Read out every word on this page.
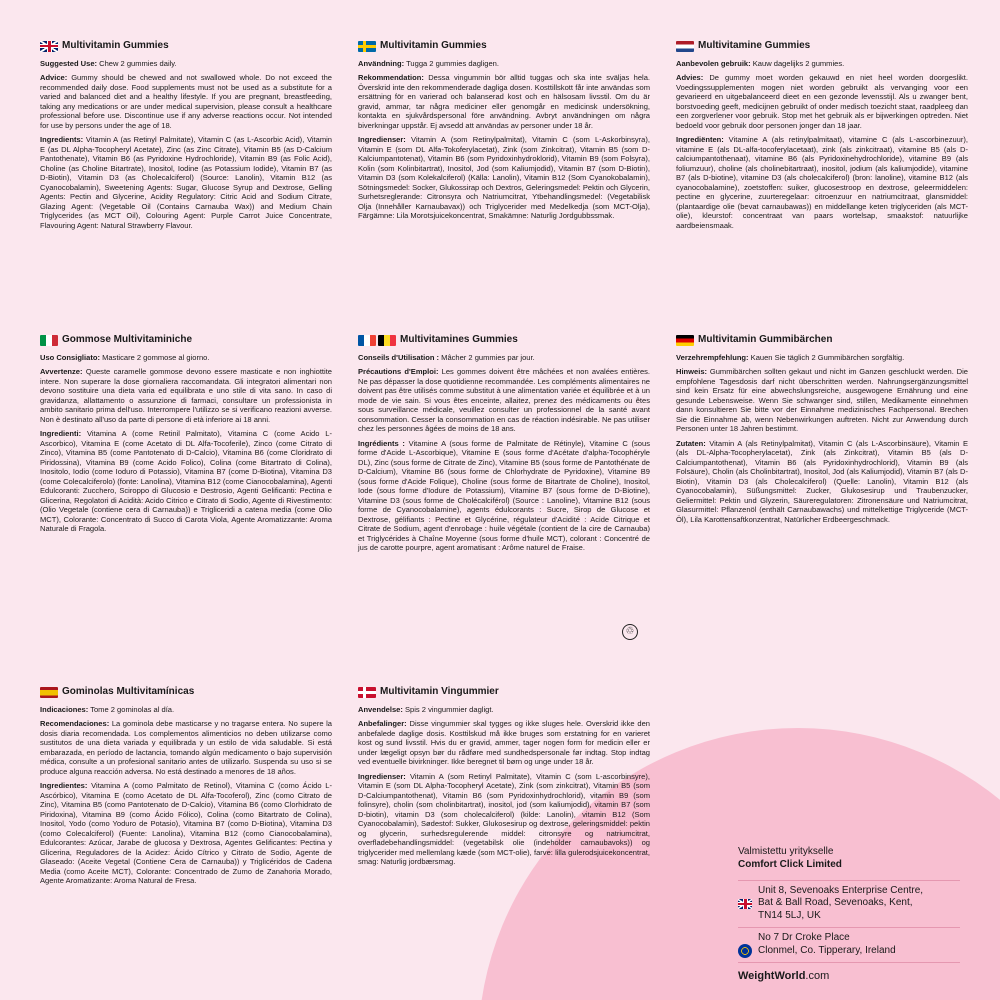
Multivitamin Gummies

Suggested Use: Chew 2 gummies daily.

Advice: Gummy should be chewed and not swallowed whole. Do not exceed the recommended daily dose. Food supplements must not be used as a substitute for a varied and balanced diet and a healthy lifestyle. If you are pregnant, breastfeeding, taking any medications or are under medical supervision, please consult a healthcare professional before use. Discontinue use if any adverse reactions occur. Not intended for use by persons under the age of 18.

Ingredients: Vitamin A (as Retinyl Palmitate), Vitamin C (as L-Ascorbic Acid), Vitamin E (as DL Alpha-Tocopheryl Acetate), Zinc (as Zinc Citrate), Vitamin B5 (as D-Calcium Pantothenate), Vitamin B6 (as Pyridoxine Hydrochloride), Vitamin B9 (as Folic Acid), Choline (as Choline Bitartrate), Inositol, Iodine (as Potassium Iodide), Vitamin B7 (as D-Biotin), Vitamin D3 (as Cholecalciferol) (Source: Lanolin), Vitamin B12 (as Cyanocobalamin), Sweetening Agents: Sugar, Glucose Syrup and Dextrose, Gelling Agents: Pectin and Glycerine, Acidity Regulatory: Citric Acid and Sodium Citrate, Glazing Agent: (Vegetable Oil (Contains Carnauba Wax)) and Medium Chain Triglycerides (as MCT Oil), Colouring Agent: Purple Carrot Juice Concentrate, Flavouring Agent: Natural Strawberry Flavour.

Multivitamin Gummies

Användning: Tugga 2 gummies dagligen.

Rekommendation: Dessa vingummin bör alltid tuggas och ska inte sväljas hela. Överskrid inte den rekommenderade dagliga dosen. Kosttillskott får inte användas som ersättning för en varierad och balanserad kost och en hälsosam livsstil. Om du är gravid, ammar, tar några mediciner eller genomgår en medicinsk undersökning, kontakta en sjukvårdspersonal före användning. Avbryt användningen om några biverkningar uppstår. Ej avsedd att användas av personer under 18 år.

Ingredienser: Vitamin A (som Retinylpalmitat), Vitamin C (som L-Askorbinsyra), Vitamin E (som DL Alfa-Tokoferylacetat), Zink (som Zinkcitrat), Vitamin B5 (som D-Kalciumpantotenat), Vitamin B6 (som Pyridoxinhydroklorid), Vitamin B9 (som Folsyra), Kolin (som Kolinbitartrat), Inositol, Jod (som Kaliumjodid), Vitamin B7 (som D-Biotin), Vitamin D3 (som Kolekalciferol) (Källa: Lanolin), Vitamin B12 (Som Cyanokobalamin), Sötningsmedel: Socker, Glukossirap och Dextros, Geleringsmedel: Pektin och Glycerin, Surhetsreglerande: Citronsyra och Natriumcitrat, Ytbehandlingsmedel: (Vegetabilisk Olja (Innehåller Karnaubavax)) och Triglycerider med Medelkedja (som MCT-Olja), Färgämne: Lila Morotsjuicekoncentrat, Smakämne: Naturlig Jordgubbssmak.

Multivitamine Gummies

Aanbevolen gebruik: Kauw dagelijks 2 gummies.

Advies: De gummy moet worden gekauwd en niet heel worden doorgeslikt. Voedingssupplementen mogen niet worden gebruikt als vervanging voor een gevarieerd en uitgebalanceerd dieet en een gezonde levensstijl. Als u zwanger bent, borstvoeding geeft, medicijnen gebruikt of onder medisch toezicht staat, raadpleeg dan een zorgverlener voor gebruik. Stop met het gebruik als er bijwerkingen optreden. Niet bedoeld voor gebruik door personen jonger dan 18 jaar.

Ingrediënten: Vitamine A (als retinylpalmitaat), vitamine C (als L-ascorbinezuur), vitamine E (als DL-alfa-tocoferylacetaat), zink (als zinkcitraat), vitamine B5 (als D-calciumpantothenaat), vitamine B6 (als Pyridoxinehydrochloride), vitamine B9 (als foliumzuur), choline (als cholinebitartraat), inositol, jodium (als kaliumjodide), vitamine B7 (als D-biotine), vitamine D3 (als cholecalciferol) (bron: lanoline), vitamine B12 (als cyanocobalamine), zoetstoffen: suiker, glucosestroop en dextrose, geleermiddelen: pectine en glycerine, zuurteregelaar: citroenzuur en natriumcitraat, glansmiddel: (plantaardige olie (bevat carnaubawas)) en middellange keten triglyceriden (als MCT-olie), kleurstof: concentraat van paars wortelsap, smaakstof: natuurlijke aardbeiensmaak.

Gommose Multivitaminiche

Uso Consigliato: Masticare 2 gommose al giorno.

Avvertenze: Queste caramelle gommose devono essere masticate e non inghiottite intere. Non superare la dose giornaliera raccomandata. Gli integratori alimentari non devono sostituire una dieta varia ed equilibrata e uno stile di vita sano. In caso di gravidanza, allattamento o assunzione di farmaci, consultare un professionista in ambito sanitario prima dell'uso. Interrompere l'utilizzo se si verificano reazioni avverse. Non è destinato all'uso da parte di persone di età inferiore ai 18 anni.

Ingredienti: Vitamina A (come Retinil Palmitato), Vitamina C (come Acido L-Ascorbico), Vitamina E (come Acetato di DL Alfa-Tocoferile), Zinco (come Citrato di Zinco), Vitamina B5 (come Pantotenato di D-Calcio), Vitamina B6 (come Cloridrato di Piridossina), Vitamina B9 (come Acido Folico), Colina (come Bitartrato di Colina), Inositolo, Iodio (come Ioduro di Potassio), Vitamina B7 (come D-Biotina), Vitamina D3 (come Colecalciferolo) (fonte: Lanolina), Vitamina B12 (come Cianocobalamina), Agenti Edulcoranti: Zucchero, Sciroppo di Glucosio e Destrosio, Agenti Gelificanti: Pectina e Glicerina, Regolatori di Acidità: Acido Citrico e Citrato di Sodio, Agente di Rivestimento: (Olio Vegetale (contiene cera di Carnauba)) e Trigliceridi a catena media (come Olio MCT), Colorante: Concentrato di Succo di Carota Viola, Agente Aromatizzante: Aroma Naturale di Fragola.

Multivitamines Gummies

Conseils d'Utilisation : Mâcher 2 gummies par jour.

Précautions d'Emploi: Les gommes doivent être mâchées et non avalées entières. Ne pas dépasser la dose quotidienne recommandée. Les compléments alimentaires ne doivent pas être utilisés comme substitut à une alimentation variée et équilibrée et à un mode de vie sain. Si vous êtes enceinte, allaitez, prenez des médicaments ou êtes sous surveillance médicale, veuillez consulter un professionnel de la santé avant consommation. Cesser la consommation en cas de réaction indésirable. Ne pas utiliser chez les personnes âgées de moins de 18 ans.

Ingrédients : Vitamine A (sous forme de Palmitate de Rétinyle), Vitamine C (sous forme d'Acide L-Ascorbique), Vitamine E (sous forme d'Acétate d'alpha-Tocophéryle DL), Zinc (sous forme de Citrate de Zinc), Vitamine B5 (sous forme de Pantothénate de D-Calcium), Vitamine B6 (sous forme de Chlorhydrate de Pyridoxine), Vitamine B9 (sous forme d'Acide Folique), Choline (sous forme de Bitartrate de Choline), Inositol, Iode (sous forme d'Iodure de Potassium), Vitamine B7 (sous forme de D-Biotine), Vitamine D3 (sous forme de Cholécalciférol) (Source : Lanoline), Vitamine B12 (sous forme de Cyanocobalamine), agents édulcorants : Sucre, Sirop de Glucose et Dextrose, gélifiants : Pectine et Glycérine, régulateur d'Acidité : Acide Citrique et Citrate de Sodium, agent d'enrobage : huile végétale (contient de la cire de Carnauba) et Triglycérides à Chaîne Moyenne (sous forme d'huile MCT), colorant : Concentré de jus de carotte pourpre, agent aromatisant : Arôme naturel de Fraise.

♲
Multivitamin Gummibärchen

Verzehrempfehlung: Kauen Sie täglich 2 Gummibärchen sorgfältig.

Hinweis: Gummibärchen sollten gekaut und nicht im Ganzen geschluckt werden. Die empfohlene Tagesdosis darf nicht überschritten werden. Nahrungsergänzungsmittel sind kein Ersatz für eine abwechslungsreiche, ausgewogene Ernährung und eine gesunde Lebensweise. Wenn Sie schwanger sind, stillen, Medikamente einnehmen dann konsultieren Sie bitte vor der Einnahme medizinisches Fachpersonal. Brechen Sie die Einnahme ab, wenn Nebenwirkungen auftreten. Nicht zur Anwendung durch Personen unter 18 Jahren bestimmt.

Zutaten: Vitamin A (als Retinylpalmitat), Vitamin C (als L-Ascorbinsäure), Vitamin E (als DL-Alpha-Tocopherylacetat), Zink (als Zinkcitrat), Vitamin B5 (als D-Calciumpantothenat), Vitamin B6 (als Pyridoxinhydrochlorid), Vitamin B9 (als Folsäure), Cholin (als Cholinbitartrat), Inositol, Jod (als Kaliumjodid), Vitamin B7 (als D-Biotin), Vitamin D3 (als Cholecalciferol) (Quelle: Lanolin), Vitamin B12 (als Cyanocobalamin), Süßungsmittel: Zucker, Glukosesirup und Traubenzucker, Geliermittel: Pektin und Glyzerin, Säureregulatoren: Zitronensäure und Natriumcitrat, Glasurmittel: Pflanzenöl (enthält Carnaubawachs) und mittelkettige Triglyceride (MCT-Öl), Lila Karottensaftkonzentrat, Natürlicher Erdbeergeschmack.

Gominolas Multivitamínicas

Indicaciones: Tome 2 gominolas al día.

Recomendaciones: La gominola debe masticarse y no tragarse entera. No supere la dosis diaria recomendada. Los complementos alimenticios no deben utilizarse como sustitutos de una dieta variada y equilibrada y un estilo de vida saludable. Si está embarazada, en período de lactancia, tomando algún medicamento o bajo supervisión médica, consulte a un profesional sanitario antes de utilizarlo. Suspenda su uso si se produce alguna reacción adversa. No está destinado a menores de 18 años.

Ingredientes: Vitamina A (como Palmitato de Retinol), Vitamina C (como Ácido L-Ascórbico), Vitamina E (como Acetato de DL Alfa-Tocoferol), Zinc (como Citrato de Zinc), Vitamina B5 (como Pantotenato de D-Calcio), Vitamina B6 (como Clorhidrato de Piridoxina), Vitamina B9 (como Ácido Fólico), Colina (como Bitartrato de Colina), Inositol, Yodo (como Yoduro de Potasio), Vitamina B7 (como D-Biotina), Vitamina D3 (como Colecalciferol) (Fuente: Lanolina), Vitamina B12 (como Cianocobalamina), Edulcorantes: Azúcar, Jarabe de glucosa y Dextrosa, Agentes Gelificantes: Pectina y Glicerina, Reguladores de la Acidez: Ácido Cítrico y Citrato de Sodio, Agente de Glaseado: (Aceite Vegetal (Contiene Cera de Carnauba)) y Triglicéridos de Cadena Media (como Aceite MCT), Colorante: Concentrado de Zumo de Zanahoria Morado, Agente Aromatizante: Aroma Natural de Fresa.

Multivitamin Vingummier

Anvendelse: Spis 2 vingummier dagligt.

Anbefalinger: Disse vingummier skal tygges og ikke sluges hele. Overskrid ikke den anbefalede daglige dosis. Kosttilskud må ikke bruges som erstatning for en varieret kost og sund livsstil. Hvis du er gravid, ammer, tager nogen form for medicin eller er under lægeligt opsyn bør du rådføre med sundhedspersonale før indtag. Stop indtag ved eventuelle bivirkninger. Ikke beregnet til børn og unge under 18 år.

Ingredienser: Vitamin A (som Retinyl Palmitate), Vitamin C (som L-ascorbinsyre), Vitamin E (som DL Alpha-Tocopheryl Acetate), Zink (som zinkcitrat), Vitamin B5 (som D-Calciumpantothenat), Vitamin B6 (som Pyridoxinhydrochlorid), vitamin B9 (som folinsyre), cholin (som cholinbitartrat), inositol, jod (som kaliumjodid), vitamin B7 (som D-biotin), vitamin D3 (som cholecalciferol) (kilde: Lanolin), vitamin B12 (Som Cyanocobalamin), Sødestof: Sukker, Glukosesirup og dextrose, geleringsmiddel: pektin og glycerin, surhedsregulerende middel: citronsyre og natriumcitrat, overfladebehandlingsmiddel: (vegetabilsk olie (indeholder carnaubavoks)) og triglycerider med mellemlang kæde (som MCT-olie), farve: lilla gulerodsjuicekoncentrat, smag: Naturlig jordbærsmag.

Valmistettu yritykselle
Comfort Click Limited
Unit 8, Sevenoaks Enterprise Centre,
Bat & Ball Road, Sevenoaks, Kent,
TN14 5LJ, UK
No 7 Dr Croke Place
Clonmel, Co. Tipperary, Ireland
WeightWorld.com
